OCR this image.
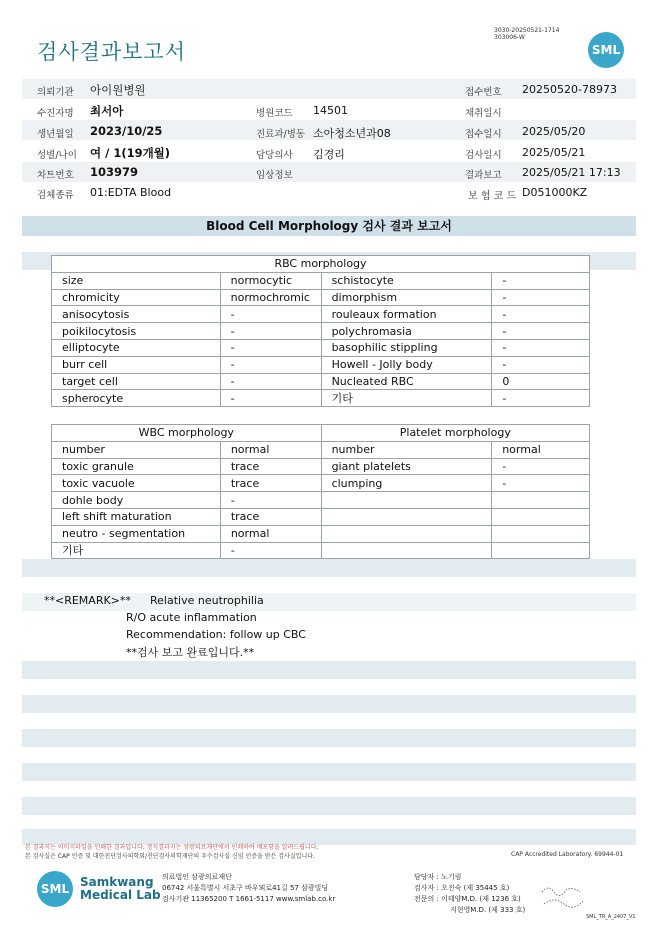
검사결과보고서
3030-20250521-1714
303006-W
SML
의뢰기관 아이원병원	접수번호 20250520-78973
수진자명 최서아	병원코드 14501	채취일시
생년월일 2023/10/25	진료과/병동 소아청소년과08	접수일시 2025/05/20
성별/나이 여 / 1(19개월)	담당의사 김경리	검사일시 2025/05/21
차트번호 103979	임상정보	결과보고 2025/05/21 17:13
검체종류 01:EDTA Blood	보 험 코 드 D051000KZ
Blood Cell Morphology 검사 결과 보고서
RBC morphology			
size	normocytic	schistocyte	-
chromicity	normochromic	dimorphism	-
anisocytosis	-	rouleaux formation	-
poikilocytosis	-	polychromasia	-
elliptocyte	-	basophilic stippling	-
burr cell	-	Howell - Jolly body	-
target cell	-	Nucleated RBC	0
spherocyte	-	기타	-
WBC morphology		Platelet morphology	
number	normal	number	normal
toxic granule	trace	giant platelets	-
toxic vacuole	trace	clumping	-
dohle body	-		
left shift maturation	trace		
neutro - segmentation	normal		
기타	-		
**<REMARK>** Relative neutrophilia
R/O acute inflammation
Recommendation: follow up CBC
**검사 보고 완료입니다.**
본 결과지는 이미지파일을 인쇄한 결과입니다. 정식결과지는 삼광의료재단에서 인쇄하여 배포함을 알려드립니다.
본 검사실은 CAP 인증 및 대한진단검사의학회/진단검사의학재단의 우수검사실 신임 인증을 받은 검사실입니다.	CAP Accredited Laboratory. 69944-01
SML Samkwang
Medical Lab
의료법인 삼광의료재단
06742 서울특별시 서초구 바우뫼로41길 57 삼광빌딩
검사기관 11365200 T 1661-5117 www.smlab.co.kr
담당자 : 노기림
검사자 : 오진숙 (제 35445 호)
전문의 : 이태양M.D. (제 1236 호)
지현영M.D. (제 333 호)
SML_TR_A_2407_V1
